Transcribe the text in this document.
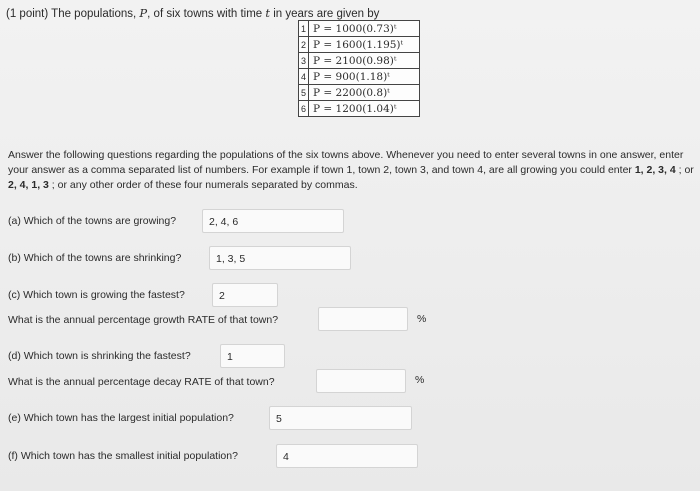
(1 point) The populations, P, of six towns with time t in years are given by
1	P = 1000(0.73)ᵗ
2	P = 1600(1.195)ᵗ
3	P = 2100(0.98)ᵗ
4	P = 900(1.18)ᵗ
5	P = 2200(0.8)ᵗ
6	P = 1200(1.04)ᵗ
Answer the following questions regarding the populations of the six towns above. Whenever you need to enter several towns in one answer, enter your answer as a comma separated list of numbers. For example if town 1, town 2, town 3, and town 4, are all growing you could enter 1, 2, 3, 4 ; or 2, 4, 1, 3 ; or any other order of these four numerals separated by commas.
(a) Which of the towns are growing?	2, 4, 6
(b) Which of the towns are shrinking?	1, 3, 5
(c) Which town is growing the fastest?	2
What is the annual percentage growth RATE of that town?	%
(d) Which town is shrinking the fastest?	1
What is the annual percentage decay RATE of that town?	%
(e) Which town has the largest initial population?	5
(f) Which town has the smallest initial population?	4
